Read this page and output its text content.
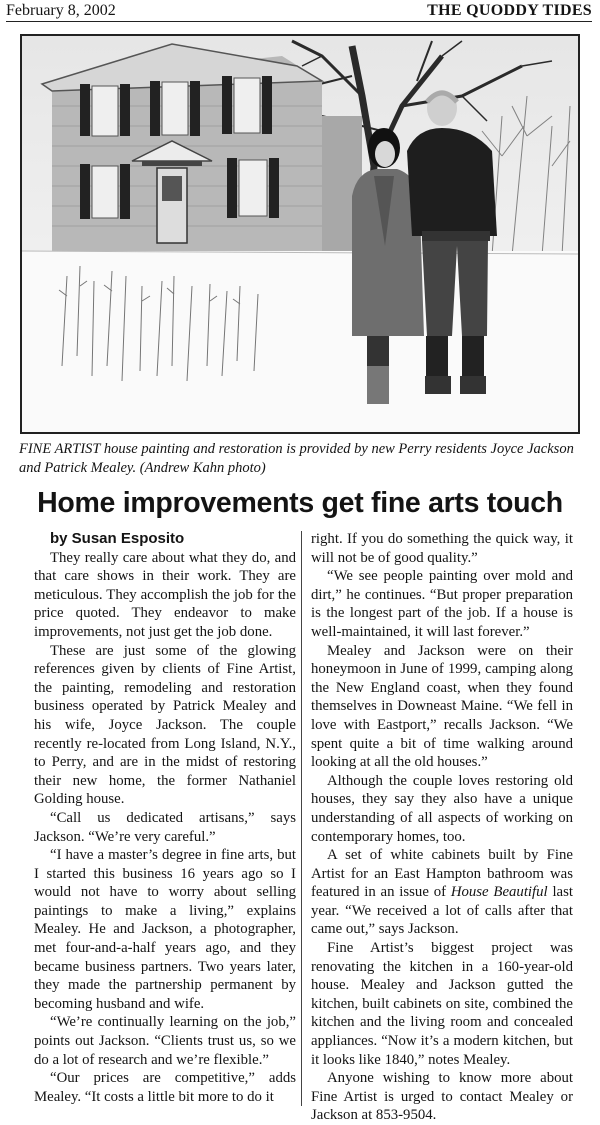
February 8, 2002	THE QUODDY TIDES
FINE ARTIST house painting and restoration is provided by new Perry residents Joyce Jackson and Patrick Mealey. (Andrew Kahn photo)
Home improvements get fine arts touch

by Susan Esposito

They really care about what they do, and that care shows in their work. They are meticulous. They accomplish the job for the price quoted. They endeavor to make improvements, not just get the job done.

These are just some of the glowing references given by clients of Fine Artist, the painting, remodeling and restoration business operated by Patrick Mealey and his wife, Joyce Jackson. The couple recently re-located from Long Island, N.Y., to Perry, and are in the midst of restoring their new home, the former Nathaniel Golding house.

“Call us dedicated artisans,” says Jackson. “We’re very careful.”

“I have a master’s degree in fine arts, but I started this business 16 years ago so I would not have to worry about selling paintings to make a living,” explains Mealey. He and Jackson, a photographer, met four-and-a-half years ago, and they became business partners. Two years later, they made the partnership permanent by becoming husband and wife.

“We’re continually learning on the job,” points out Jackson. “Clients trust us, so we do a lot of research and we’re flexible.”

“Our prices are competitive,” adds Mealey. “It costs a little bit more to do it

right. If you do something the quick way, it will not be of good quality.”

“We see people painting over mold and dirt,” he continues. “But proper preparation is the longest part of the job. If a house is well-maintained, it will last forever.”

Mealey and Jackson were on their honeymoon in June of 1999, camping along the New England coast, when they found themselves in Downeast Maine. “We fell in love with Eastport,” recalls Jackson. “We spent quite a bit of time walking around looking at all the old houses.”

Although the couple loves restoring old houses, they say they also have a unique understanding of all aspects of working on contemporary homes, too.

A set of white cabinets built by Fine Artist for an East Hampton bathroom was featured in an issue of House Beautiful last year. “We received a lot of calls after that came out,” says Jackson.

Fine Artist’s biggest project was renovating the kitchen in a 160-year-old house. Mealey and Jackson gutted the kitchen, built cabinets on site, combined the kitchen and the living room and concealed appliances. “Now it’s a modern kitchen, but it looks like 1840,” notes Mealey.

Anyone wishing to know more about Fine Artist is urged to contact Mealey or Jackson at 853-9504.
